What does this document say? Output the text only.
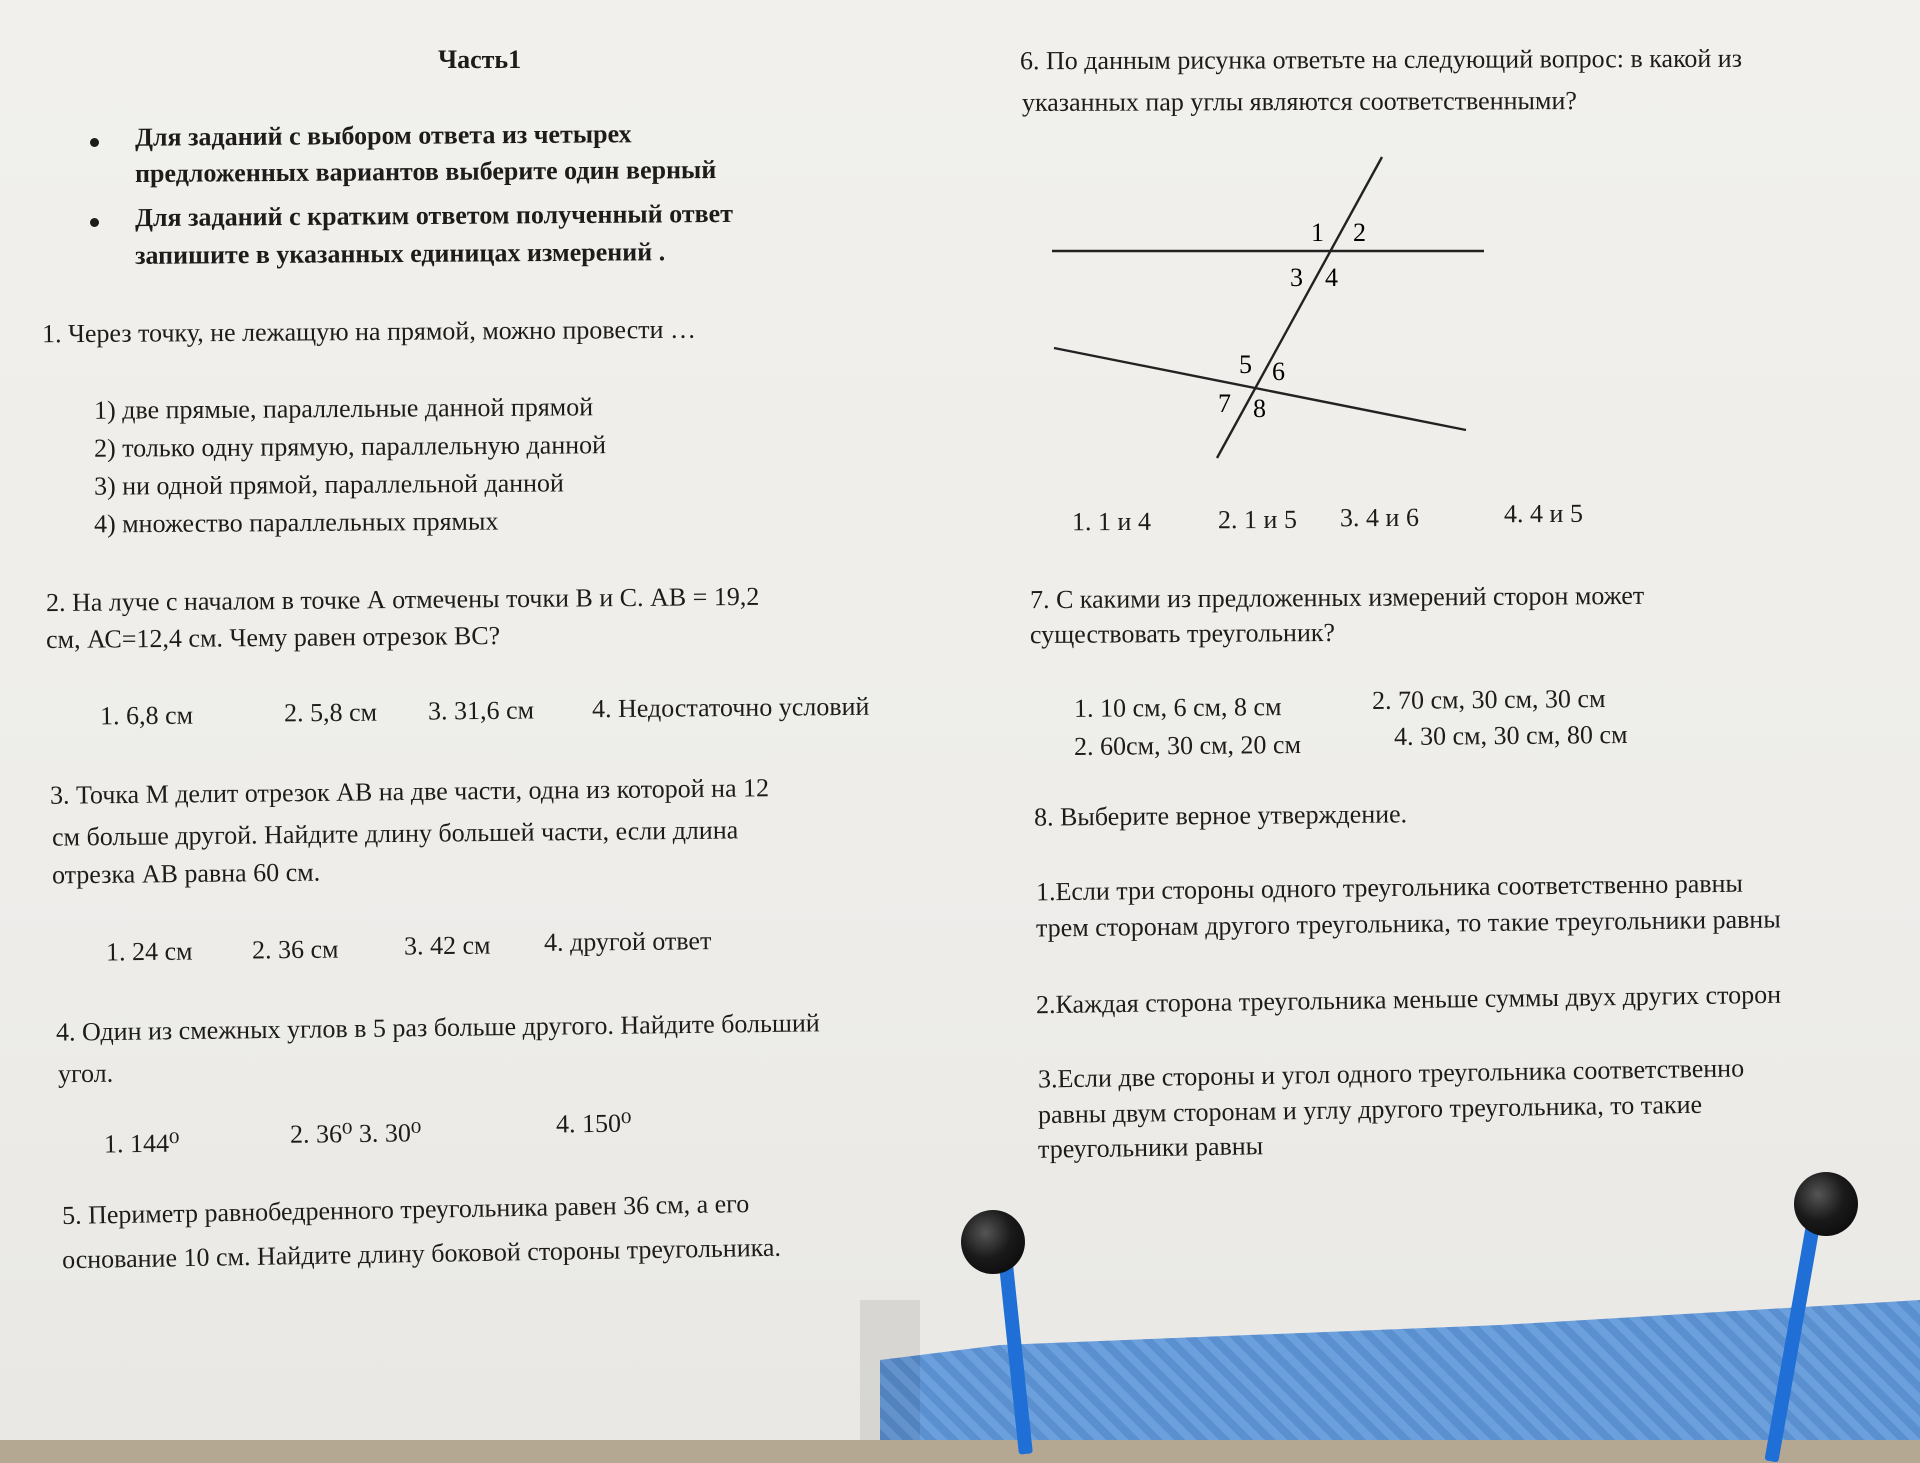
Часть1
Для заданий с выбором ответа из четырех
предложенных вариантов выберите один верный
Для заданий с кратким ответом полученный ответ
запишите в указанных единицах измерений .
1. Через точку, не лежащую на прямой, можно провести …
1) две прямые, параллельные данной прямой
2) только одну прямую, параллельную данной
3) ни одной прямой, параллельной данной
4) множество параллельных прямых
2. На луче с началом в точке А отмечены точки В и С. АВ = 19,2
см, АС=12,4 см. Чему равен отрезок ВС?
1. 6,8 см	2. 5,8 см 3. 31,6 см 4. Недостаточно условий
3. Точка М делит отрезок АВ на две части, одна из которой на 12
см больше другой. Найдите длину большей части, если длина
отрезка АВ равна 60 см.
1. 24 см 2. 36 см	3. 42 см 4. другой ответ
4. Один из смежных углов в 5 раз больше другого. Найдите больший
угол.
1. 144⁰	2. 36⁰ 3. 30⁰	4. 150⁰
5. Периметр равнобедренного треугольника равен 36 см, а его
основание 10 см. Найдите длину боковой стороны треугольника.
6. По данным рисунка ответьте на следующий вопрос: в какой из
указанных пар углы являются соответственными?
1 2
3 4
5 6
7 8
1. 1 и 4	2. 1 и 5 3. 4 и 6	4. 4 и 5
7. С какими из предложенных измерений сторон может
существовать треугольник?
1. 10 см, 6 см, 8 см	2. 70 см, 30 см, 30 см
2. 60см, 30 см, 20 см	4. 30 см, 30 см, 80 см
8. Выберите верное утверждение.
1.Если три стороны одного треугольника соответственно равны
трем сторонам другого треугольника, то такие треугольники равны
2.Каждая сторона треугольника меньше суммы двух других сторон
3.Если две стороны и угол одного треугольника соответственно
равны двум сторонам и углу другого треугольника, то такие
треугольники равны
